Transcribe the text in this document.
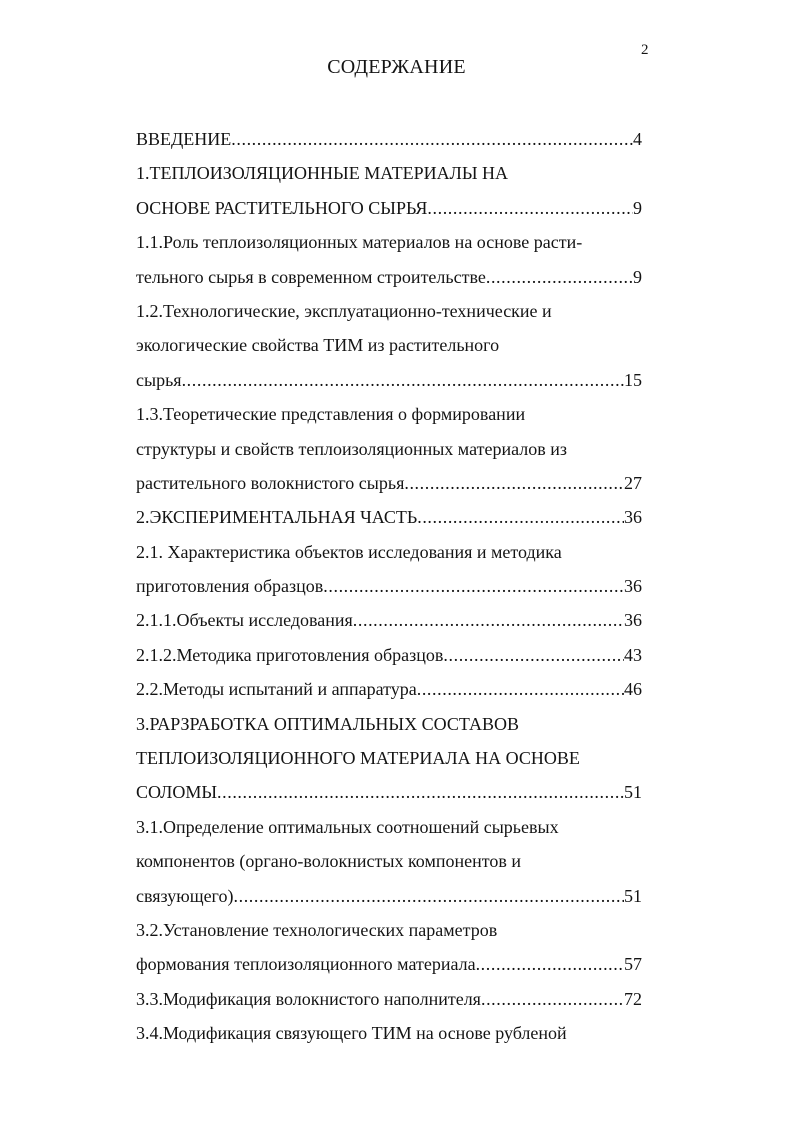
2
СОДЕРЖАНИЕ
ВВЕДЕНИЕ .....	4
1.ТЕПЛОИЗОЛЯЦИОННЫЕ МАТЕРИАЛЫ НА
ОСНОВЕ РАСТИТЕЛЬНОГО СЫРЬЯ .....	9
1.1.Роль теплоизоляционных материалов на основе расти-
тельного сырья в современном строительстве .....	9
1.2.Технологические, эксплуатационно-технические и
экологические свойства ТИМ из растительного
сырья .....	15
1.3.Теоретические представления о формировании
структуры и свойств теплоизоляционных материалов из
растительного волокнистого сырья .....	27
2.ЭКСПЕРИМЕНТАЛЬНАЯ ЧАСТЬ .....	36
2.1. Характеристика объектов исследования и методика
приготовления образцов .....	36
2.1.1.Объекты исследования .....	36
2.1.2.Методика приготовления образцов .....	43
2.2.Методы испытаний и аппаратура .....	46
3.РАРЗРАБОТКА ОПТИМАЛЬНЫХ СОСТАВОВ
ТЕПЛОИЗОЛЯЦИОННОГО МАТЕРИАЛА НА ОСНОВЕ
СОЛОМЫ .....	51
3.1.Определение оптимальных соотношений сырьевых
компонентов (органо-волокнистых компонентов и
связующего) .....	51
3.2.Установление технологических параметров
формования теплоизоляционного материала .....	57
3.3.Модификация волокнистого наполнителя .....	72
3.4.Модификация связующего ТИМ на основе рубленой
